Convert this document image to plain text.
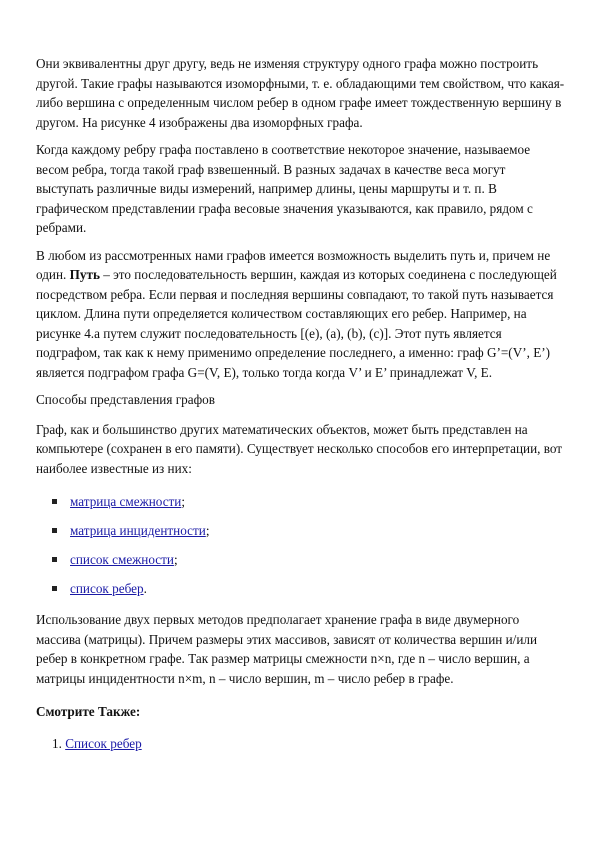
Они эквивалентны друг другу, ведь не изменяя структуру одного графа можно построить другой. Такие графы называются изоморфными, т. е. обладающими тем свойством, что какая-либо вершина с определенным числом ребер в одном графе имеет тождественную вершину в другом. На рисунке 4 изображены два изоморфных графа.

Когда каждому ребру графа поставлено в соответствие некоторое значение, называемое весом ребра, тогда такой граф взвешенный. В разных задачах в качестве веса могут выступать различные виды измерений, например длины, цены маршруты и т. п. В графическом представлении графа весовые значения указываются, как правило, рядом с ребрами.

В любом из рассмотренных нами графов имеется возможность выделить путь и, причем не один. Путь – это последовательность вершин, каждая из которых соединена с последующей посредством ребра. Если первая и последняя вершины совпадают, то такой путь называется циклом. Длина пути определяется количеством составляющих его ребер. Например, на рисунке 4.а путем служит последовательность [(e), (a), (b), (c)]. Этот путь является подграфом, так как к нему применимо определение последнего, а именно: граф G’=(V’, E’) является подграфом графа G=(V, E), только тогда когда V’ и E’ принадлежат V, E.

Способы представления графов

Граф, как и большинство других математических объектов, может быть представлен на компьютере (сохранен в его памяти). Существует несколько способов его интерпретации, вот наиболее известные из них:

матрица смежности;
матрица инцидентности;
список смежности;
список ребер.

Использование двух первых методов предполагает хранение графа в виде двумерного массива (матрицы). Причем размеры этих массивов, зависят от количества вершин и/или ребер в конкретном графе. Так размер матрицы смежности n×n, где n – число вершин, а матрицы инцидентности n×m, n – число вершин, m – число ребер в графе.

Смотрите Также:

1. Список ребер
